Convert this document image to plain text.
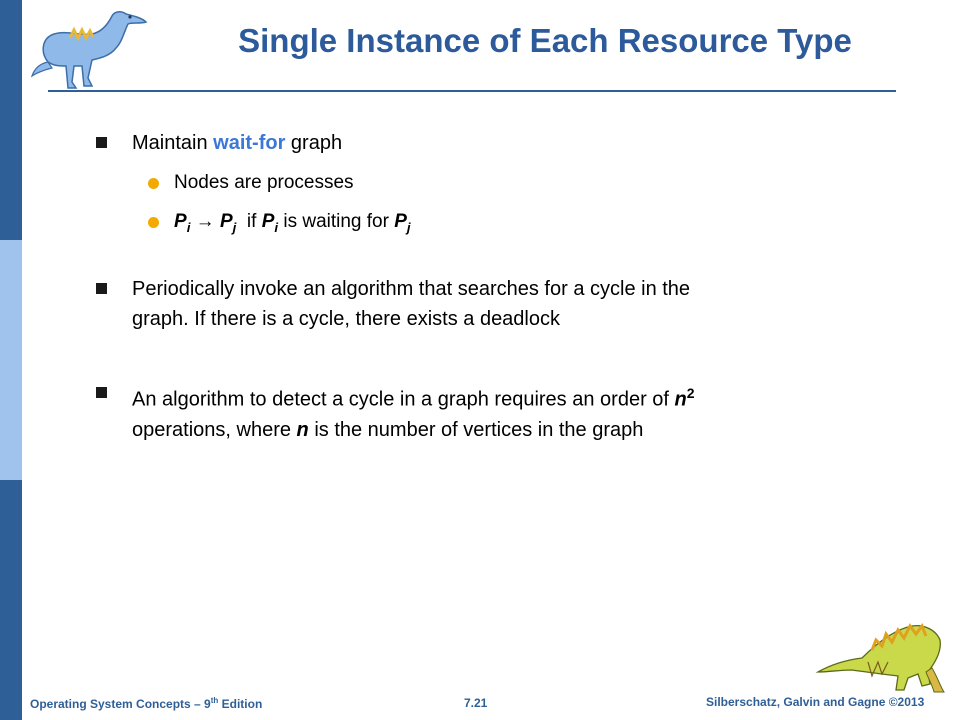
Single Instance of Each Resource Type
Maintain wait-for graph
Nodes are processes
$P_i \to P_j$  if $P_i$ is waiting for $P_j$
Periodically invoke an algorithm that searches for a cycle in the
graph. If there is a cycle, there exists a deadlock
An algorithm to detect a cycle in a graph requires an order of $n^2$
operations, where n is the number of vertices in the graph
Operating System Concepts – 9th Edition	7.21	Silberschatz, Galvin and Gagne ©2013
